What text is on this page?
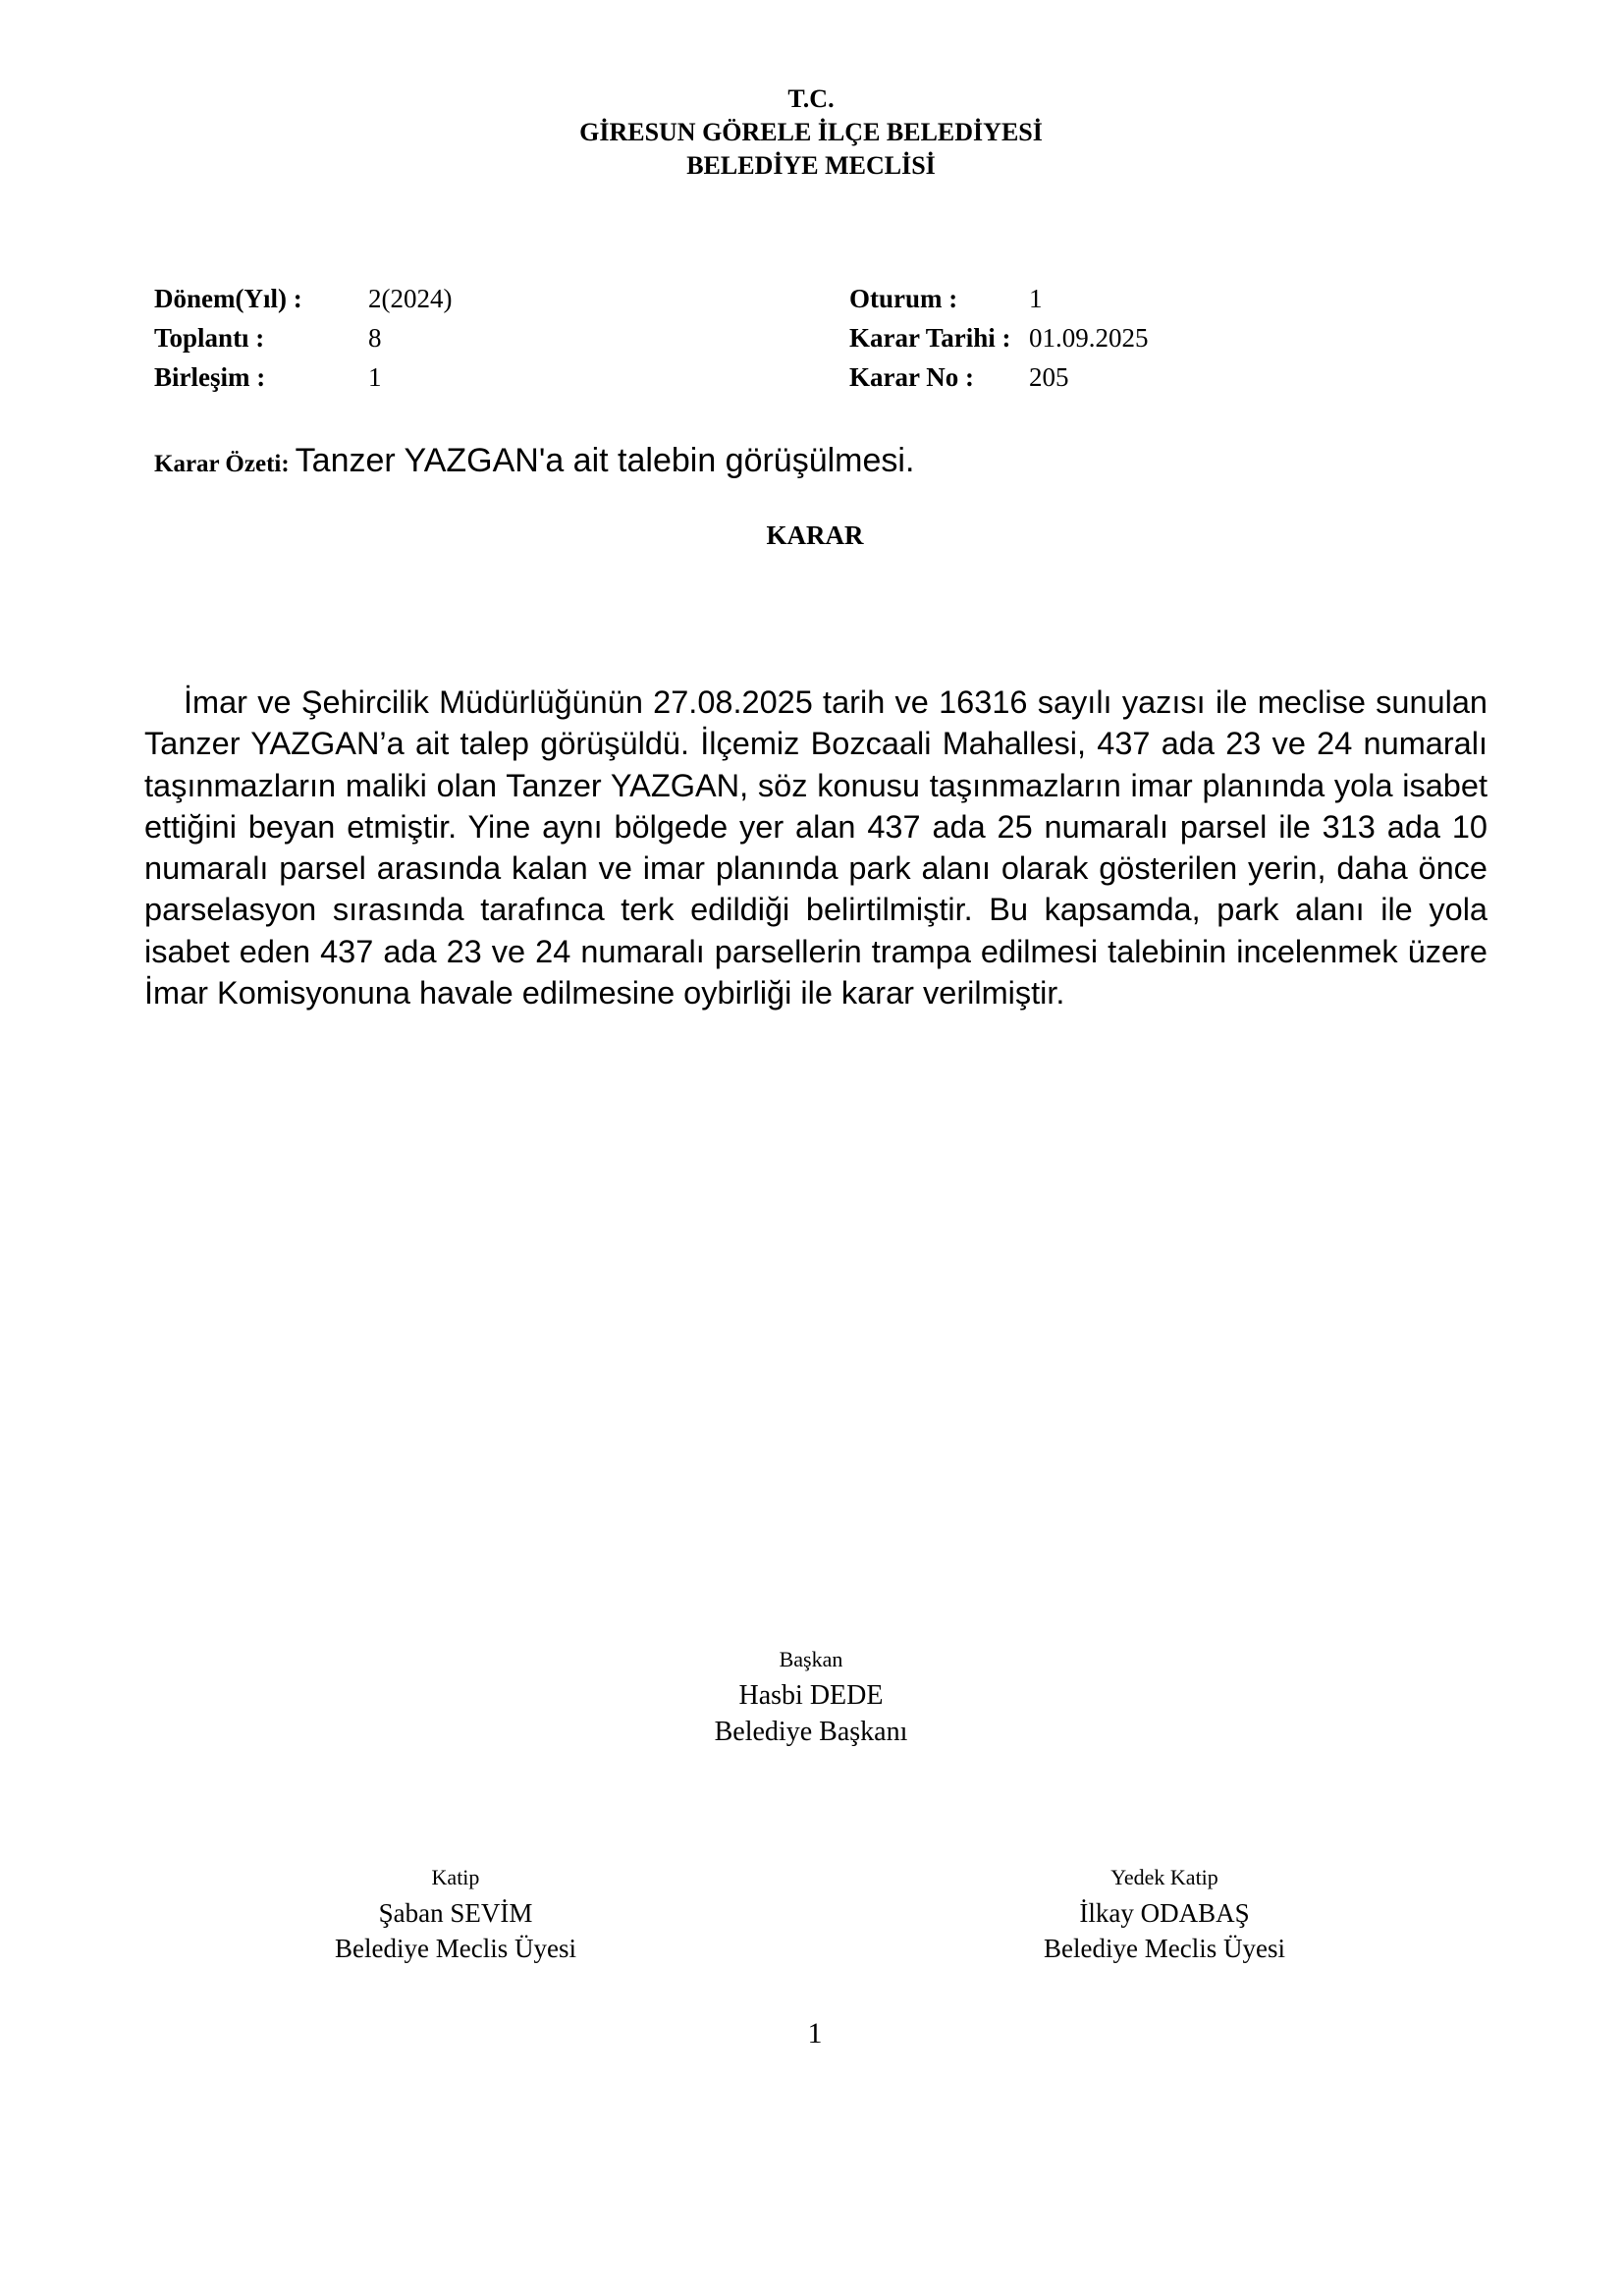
T.C.
GİRESUN GÖRELE İLÇE BELEDİYESİ
BELEDİYE MECLİSİ
Dönem(Yıl) :	2(2024)
Toplantı :	8
Birleşim :	1
Oturum :	1
Karar Tarihi : 01.09.2025
Karar No :	205
Karar Özeti: Tanzer YAZGAN'a ait talebin görüşülmesi.
KARAR

İmar ve Şehircilik Müdürlüğünün 27.08.2025 tarih ve 16316 sayılı yazısı ile meclise sunulan Tanzer YAZGAN’a ait talep görüşüldü. İlçemiz Bozcaali Mahallesi, 437 ada 23 ve 24 numaralı taşınmazların maliki olan Tanzer YAZGAN, söz konusu taşınmazların imar planında yola isabet ettiğini beyan etmiştir. Yine aynı bölgede yer alan 437 ada 25 numaralı parsel ile 313 ada 10 numaralı parsel arasında kalan ve imar planında park alanı olarak gösterilen yerin, daha önce parselasyon sırasında tarafınca terk edildiği belirtilmiştir. Bu kapsamda, park alanı ile yola isabet eden 437 ada 23 ve 24 numaralı parsellerin trampa edilmesi talebinin incelenmek üzere İmar Komisyonuna havale edilmesine oybirliği ile karar verilmiştir.

Başkan
Hasbi DEDE
Belediye Başkanı
Katip
Şaban SEVİM
Belediye Meclis Üyesi
Yedek Katip
İlkay ODABAŞ
Belediye Meclis Üyesi
1
